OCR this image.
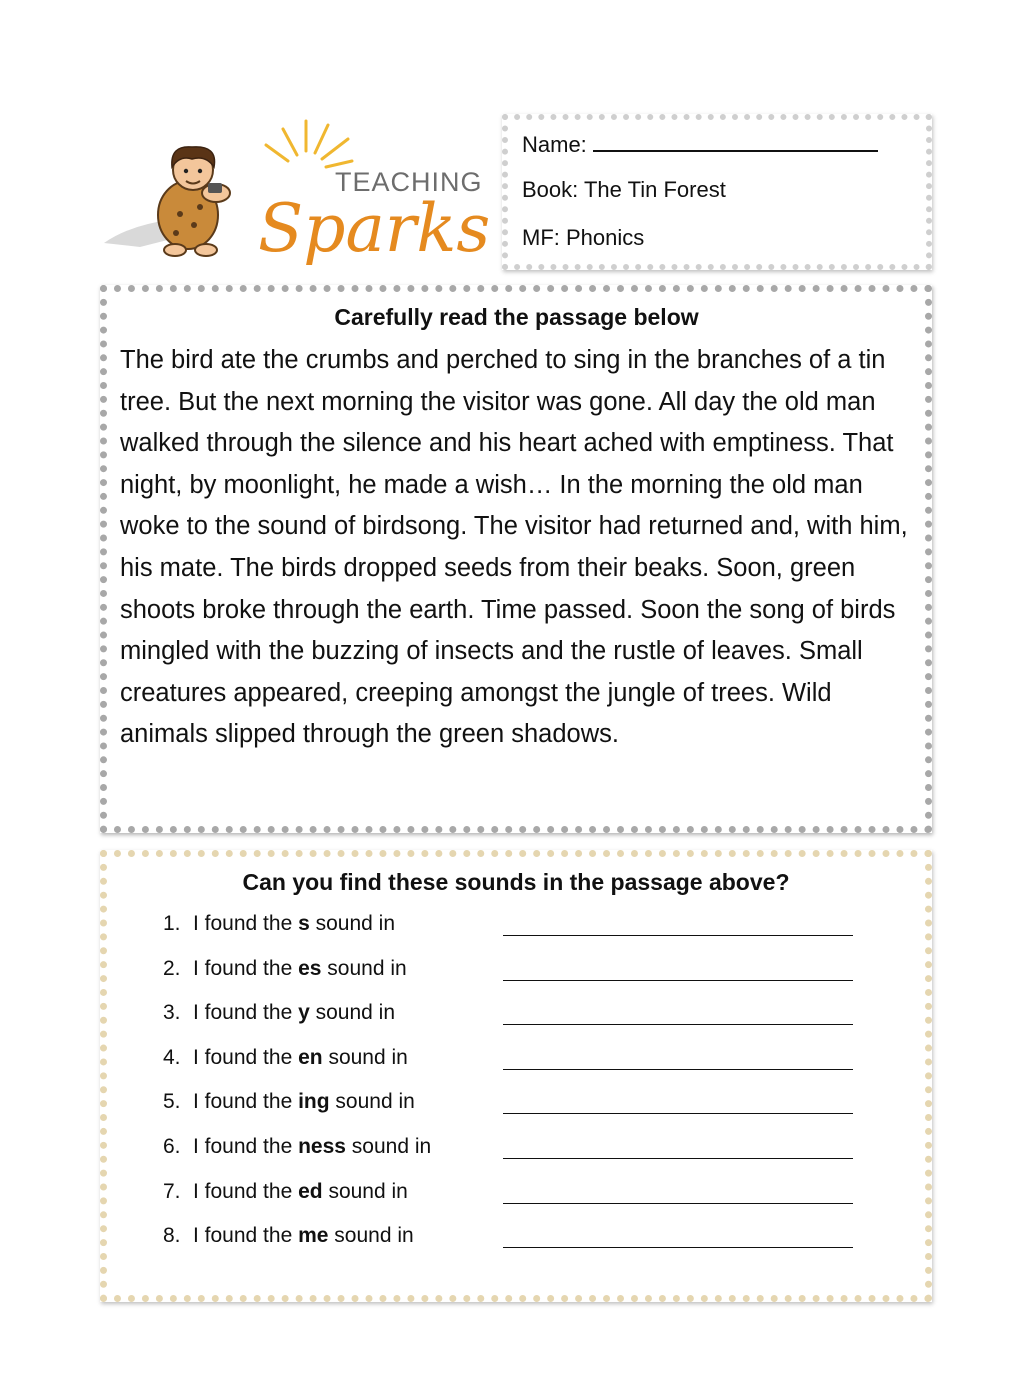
TEACHING
Sparks
Name:
Book: The Tin Forest
MF: Phonics
Carefully read the passage below

The bird ate the crumbs and perched to sing in the branches of a tin tree. But the next morning the visitor was gone. All day the old man walked through the silence and his heart ached with emptiness. That night, by moonlight, he made a wish… In the morning the old man woke to the sound of birdsong. The visitor had returned and, with him, his mate. The birds dropped seeds from their beaks. Soon, green shoots broke through the earth. Time passed. Soon the song of birds mingled with the buzzing of insects and the rustle of leaves. Small creatures appeared, creeping amongst the jungle of trees. Wild animals slipped through the green shadows.

Can you find these sounds in the passage above?
1. I found the s sound in
2. I found the es sound in
3. I found the y sound in
4. I found the en sound in
5. I found the ing sound in
6. I found the ness sound in
7. I found the ed sound in
8. I found the me sound in
